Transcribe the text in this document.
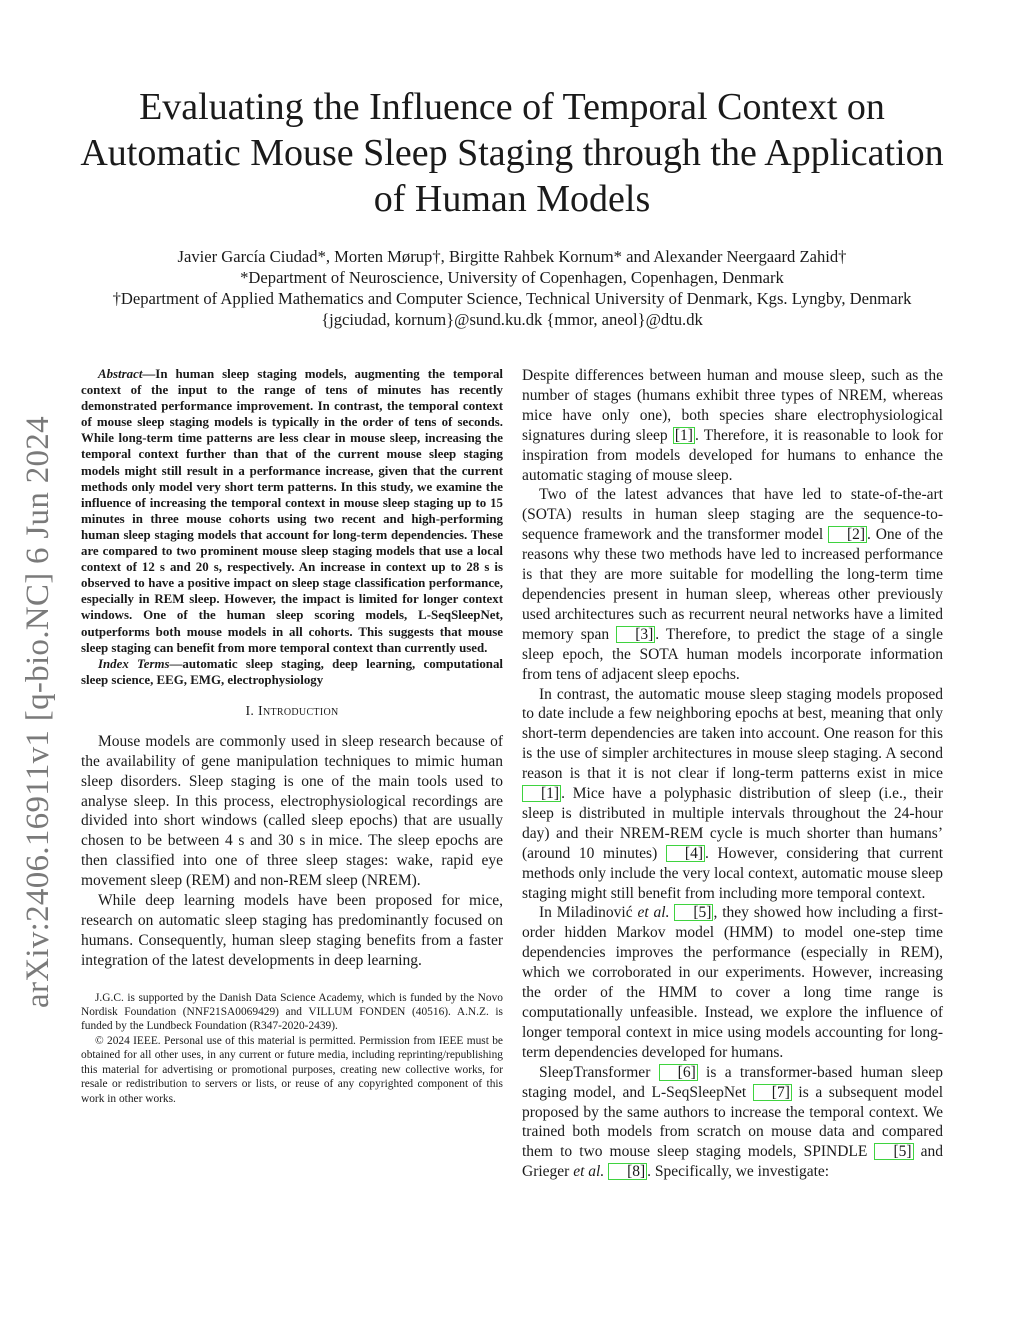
arXiv:2406.16911v1 [q-bio.NC] 6 Jun 2024
Evaluating the Influence of Temporal Context on Automatic Mouse Sleep Staging through the Application of Human Models
Javier García Ciudad*, Morten Mørup†, Birgitte Rahbek Kornum* and Alexander Neergaard Zahid†
*Department of Neuroscience, University of Copenhagen, Copenhagen, Denmark
†Department of Applied Mathematics and Computer Science, Technical University of Denmark, Kgs. Lyngby, Denmark
{jgciudad, kornum}@sund.ku.dk {mmor, aneol}@dtu.dk

Abstract—In human sleep staging models, augmenting the temporal context of the input to the range of tens of minutes has recently demonstrated performance improvement. In contrast, the temporal context of mouse sleep staging models is typically in the order of tens of seconds. While long-term time patterns are less clear in mouse sleep, increasing the temporal context further than that of the current mouse sleep staging models might still result in a performance increase, given that the current methods only model very short term patterns. In this study, we examine the influence of increasing the temporal context in mouse sleep staging up to 15 minutes in three mouse cohorts using two recent and high-performing human sleep staging models that account for long-term dependencies. These are compared to two prominent mouse sleep staging models that use a local context of 12 s and 20 s, respectively. An increase in context up to 28 s is observed to have a positive impact on sleep stage classification performance, especially in REM sleep. However, the impact is limited for longer context windows. One of the human sleep scoring models, L-SeqSleepNet, outperforms both mouse models in all cohorts. This suggests that mouse sleep staging can benefit from more temporal context than currently used.

Index Terms—automatic sleep staging, deep learning, computational sleep science, EEG, EMG, electrophysiology

I. Introduction

Mouse models are commonly used in sleep research because of the availability of gene manipulation techniques to mimic human sleep disorders. Sleep staging is one of the main tools used to analyse sleep. In this process, electrophysiological recordings are divided into short windows (called sleep epochs) that are usually chosen to be between 4 s and 30 s in mice. The sleep epochs are then classified into one of three sleep stages: wake, rapid eye movement sleep (REM) and non-REM sleep (NREM).

While deep learning models have been proposed for mice, research on automatic sleep staging has predominantly focused on humans. Consequently, human sleep staging benefits from a faster integration of the latest developments in deep learning.

J.G.C. is supported by the Danish Data Science Academy, which is funded by the Novo Nordisk Foundation (NNF21SA0069429) and VILLUM FONDEN (40516). A.N.Z. is funded by the Lundbeck Foundation (R347-2020-2439).

© 2024 IEEE. Personal use of this material is permitted. Permission from IEEE must be obtained for all other uses, in any current or future media, including reprinting/republishing this material for advertising or promotional purposes, creating new collective works, for resale or redistribution to servers or lists, or reuse of any copyrighted component of this work in other works.

Despite differences between human and mouse sleep, such as the number of stages (humans exhibit three types of NREM, whereas mice have only one), both species share electrophysiological signatures during sleep [1] . Therefore, it is reasonable to look for inspiration from models developed for humans to enhance the automatic staging of mouse sleep.

Two of the latest advances that have led to state-of-the-art (SOTA) results in human sleep staging are the sequence-to-sequence framework and the transformer model [2] . One of the reasons why these two methods have led to increased performance is that they are more suitable for modelling the long-term time dependencies present in human sleep, whereas other previously used architectures such as recurrent neural networks have a limited memory span [3] . Therefore, to predict the stage of a single sleep epoch, the SOTA human models incorporate information from tens of adjacent sleep epochs.

In contrast, the automatic mouse sleep staging models proposed to date include a few neighboring epochs at best, meaning that only short-term dependencies are taken into account. One reason for this is the use of simpler architectures in mouse sleep staging. A second reason is that it is not clear if long-term patterns exist in mice [1] . Mice have a polyphasic distribution of sleep (i.e., their sleep is distributed in multiple intervals throughout the 24-hour day) and their NREM-REM cycle is much shorter than humans’ (around 10 minutes) [4] . However, considering that current methods only include the very local context, automatic mouse sleep staging might still benefit from including more temporal context.

In Miladinović et al. [5] , they showed how including a first-order hidden Markov model (HMM) to model one-step time dependencies improves the performance (especially in REM), which we corroborated in our experiments. However, increasing the order of the HMM to cover a long time range is computationally unfeasible. Instead, we explore the influence of longer temporal context in mice using models accounting for long-term dependencies developed for humans.

SleepTransformer [6] is a transformer-based human sleep staging model, and L-SeqSleepNet [7] is a subsequent model proposed by the same authors to increase the temporal context. We trained both models from scratch on mouse data and compared them to two mouse sleep staging models, SPINDLE [5] and Grieger et al. [8] . Specifically, we investigate:
